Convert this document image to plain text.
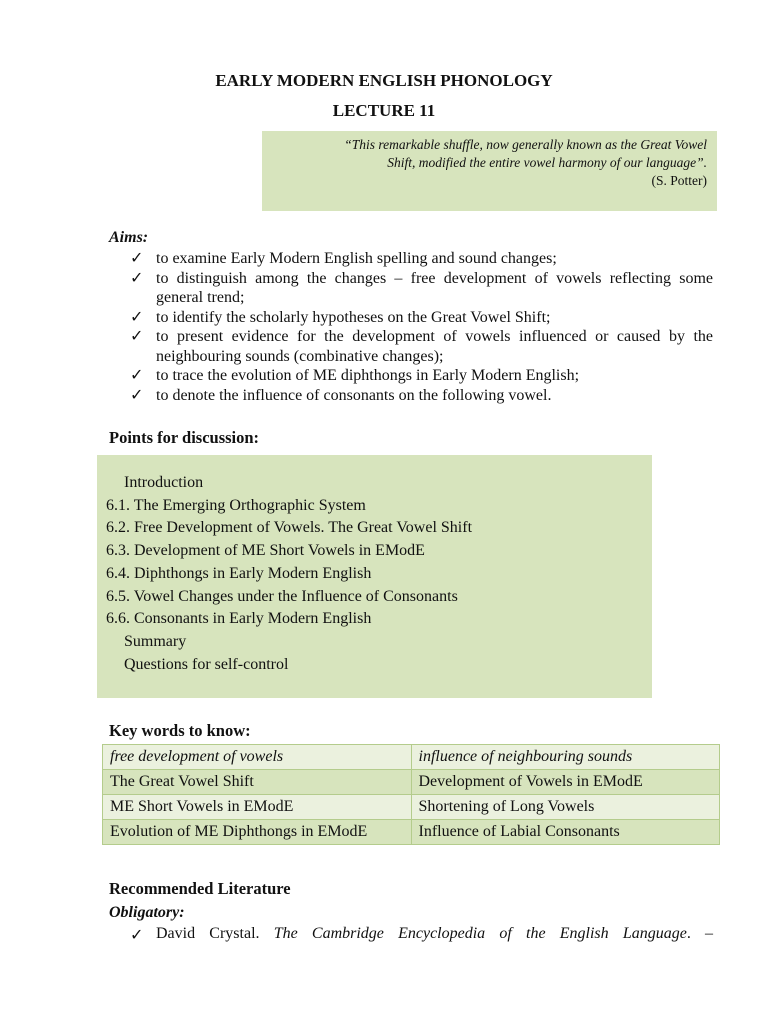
EARLY MODERN ENGLISH PHONOLOGY
LECTURE 11
“This remarkable shuffle, now generally known as the Great Vowel
Shift, modified the entire vowel harmony of our language”.
(S. Potter)
Aims:
✓ to examine Early Modern English spelling and sound changes;
✓ to distinguish among the changes – free development of vowels reflecting some general trend;
✓ to identify the scholarly hypotheses on the Great Vowel Shift;
✓ to present evidence for the development of vowels influenced or caused by the neighbouring sounds (combinative changes);
✓ to trace the evolution of ME diphthongs in Early Modern English;
✓ to denote the influence of consonants on the following vowel.
Points for discussion:
Introduction
6.1. The Emerging Orthographic System
6.2. Free Development of Vowels. The Great Vowel Shift
6.3. Development of ME Short Vowels in EModE
6.4. Diphthongs in Early Modern English
6.5. Vowel Changes under the Influence of Consonants
6.6. Consonants in Early Modern English
Summary
Questions for self-control
Key words to know:
free development of vowels	influence of neighbouring sounds
The Great Vowel Shift	Development of Vowels in EModE
ME Short Vowels in EModE	Shortening of Long Vowels
Evolution of ME Diphthongs in EModE	Influence of Labial Consonants
Recommended Literature
Obligatory:
✓ David Crystal. The Cambridge Encyclopedia of the English Language. –
